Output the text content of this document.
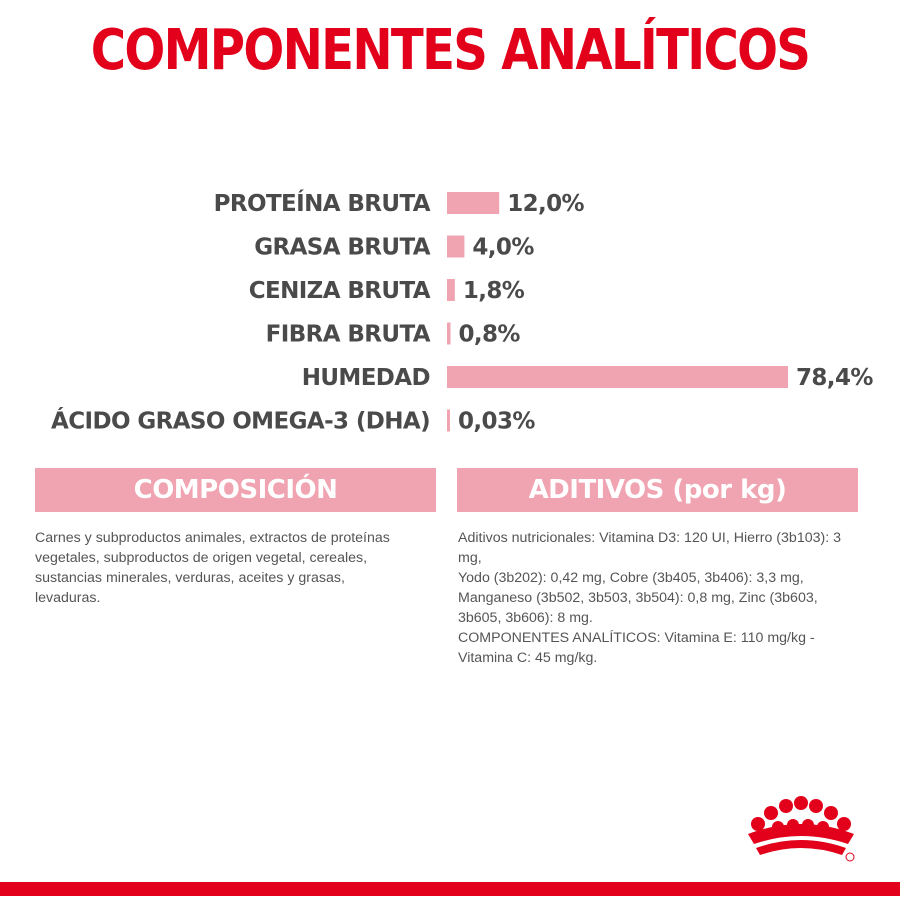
COMPONENTES ANALÍTICOS
PROTEÍNA BRUTA	12,0%
GRASA BRUTA 4,0%
CENIZA BRUTA 1,8%
FIBRA BRUTA 0,8%
HUMEDAD	78,4%
ÁCIDO GRASO OMEGA-3 (DHA) 0,03%
COMPOSICIÓN	ADITIVOS (por kg)
Carnes y subproductos animales, extractos de proteínas
vegetales, subproductos de origen vegetal, cereales,
sustancias minerales, verduras, aceites y grasas,
levaduras.
Aditivos nutricionales: Vitamina D3: 120 UI, Hierro (3b103): 3 mg,
Yodo (3b202): 0,42 mg, Cobre (3b405, 3b406): 3,3 mg,
Manganeso (3b502, 3b503, 3b504): 0,8 mg, Zinc (3b603,
3b605, 3b606): 8 mg.
COMPONENTES ANALÍTICOS: Vitamina E: 110 mg/kg -
Vitamina C: 45 mg/kg.
